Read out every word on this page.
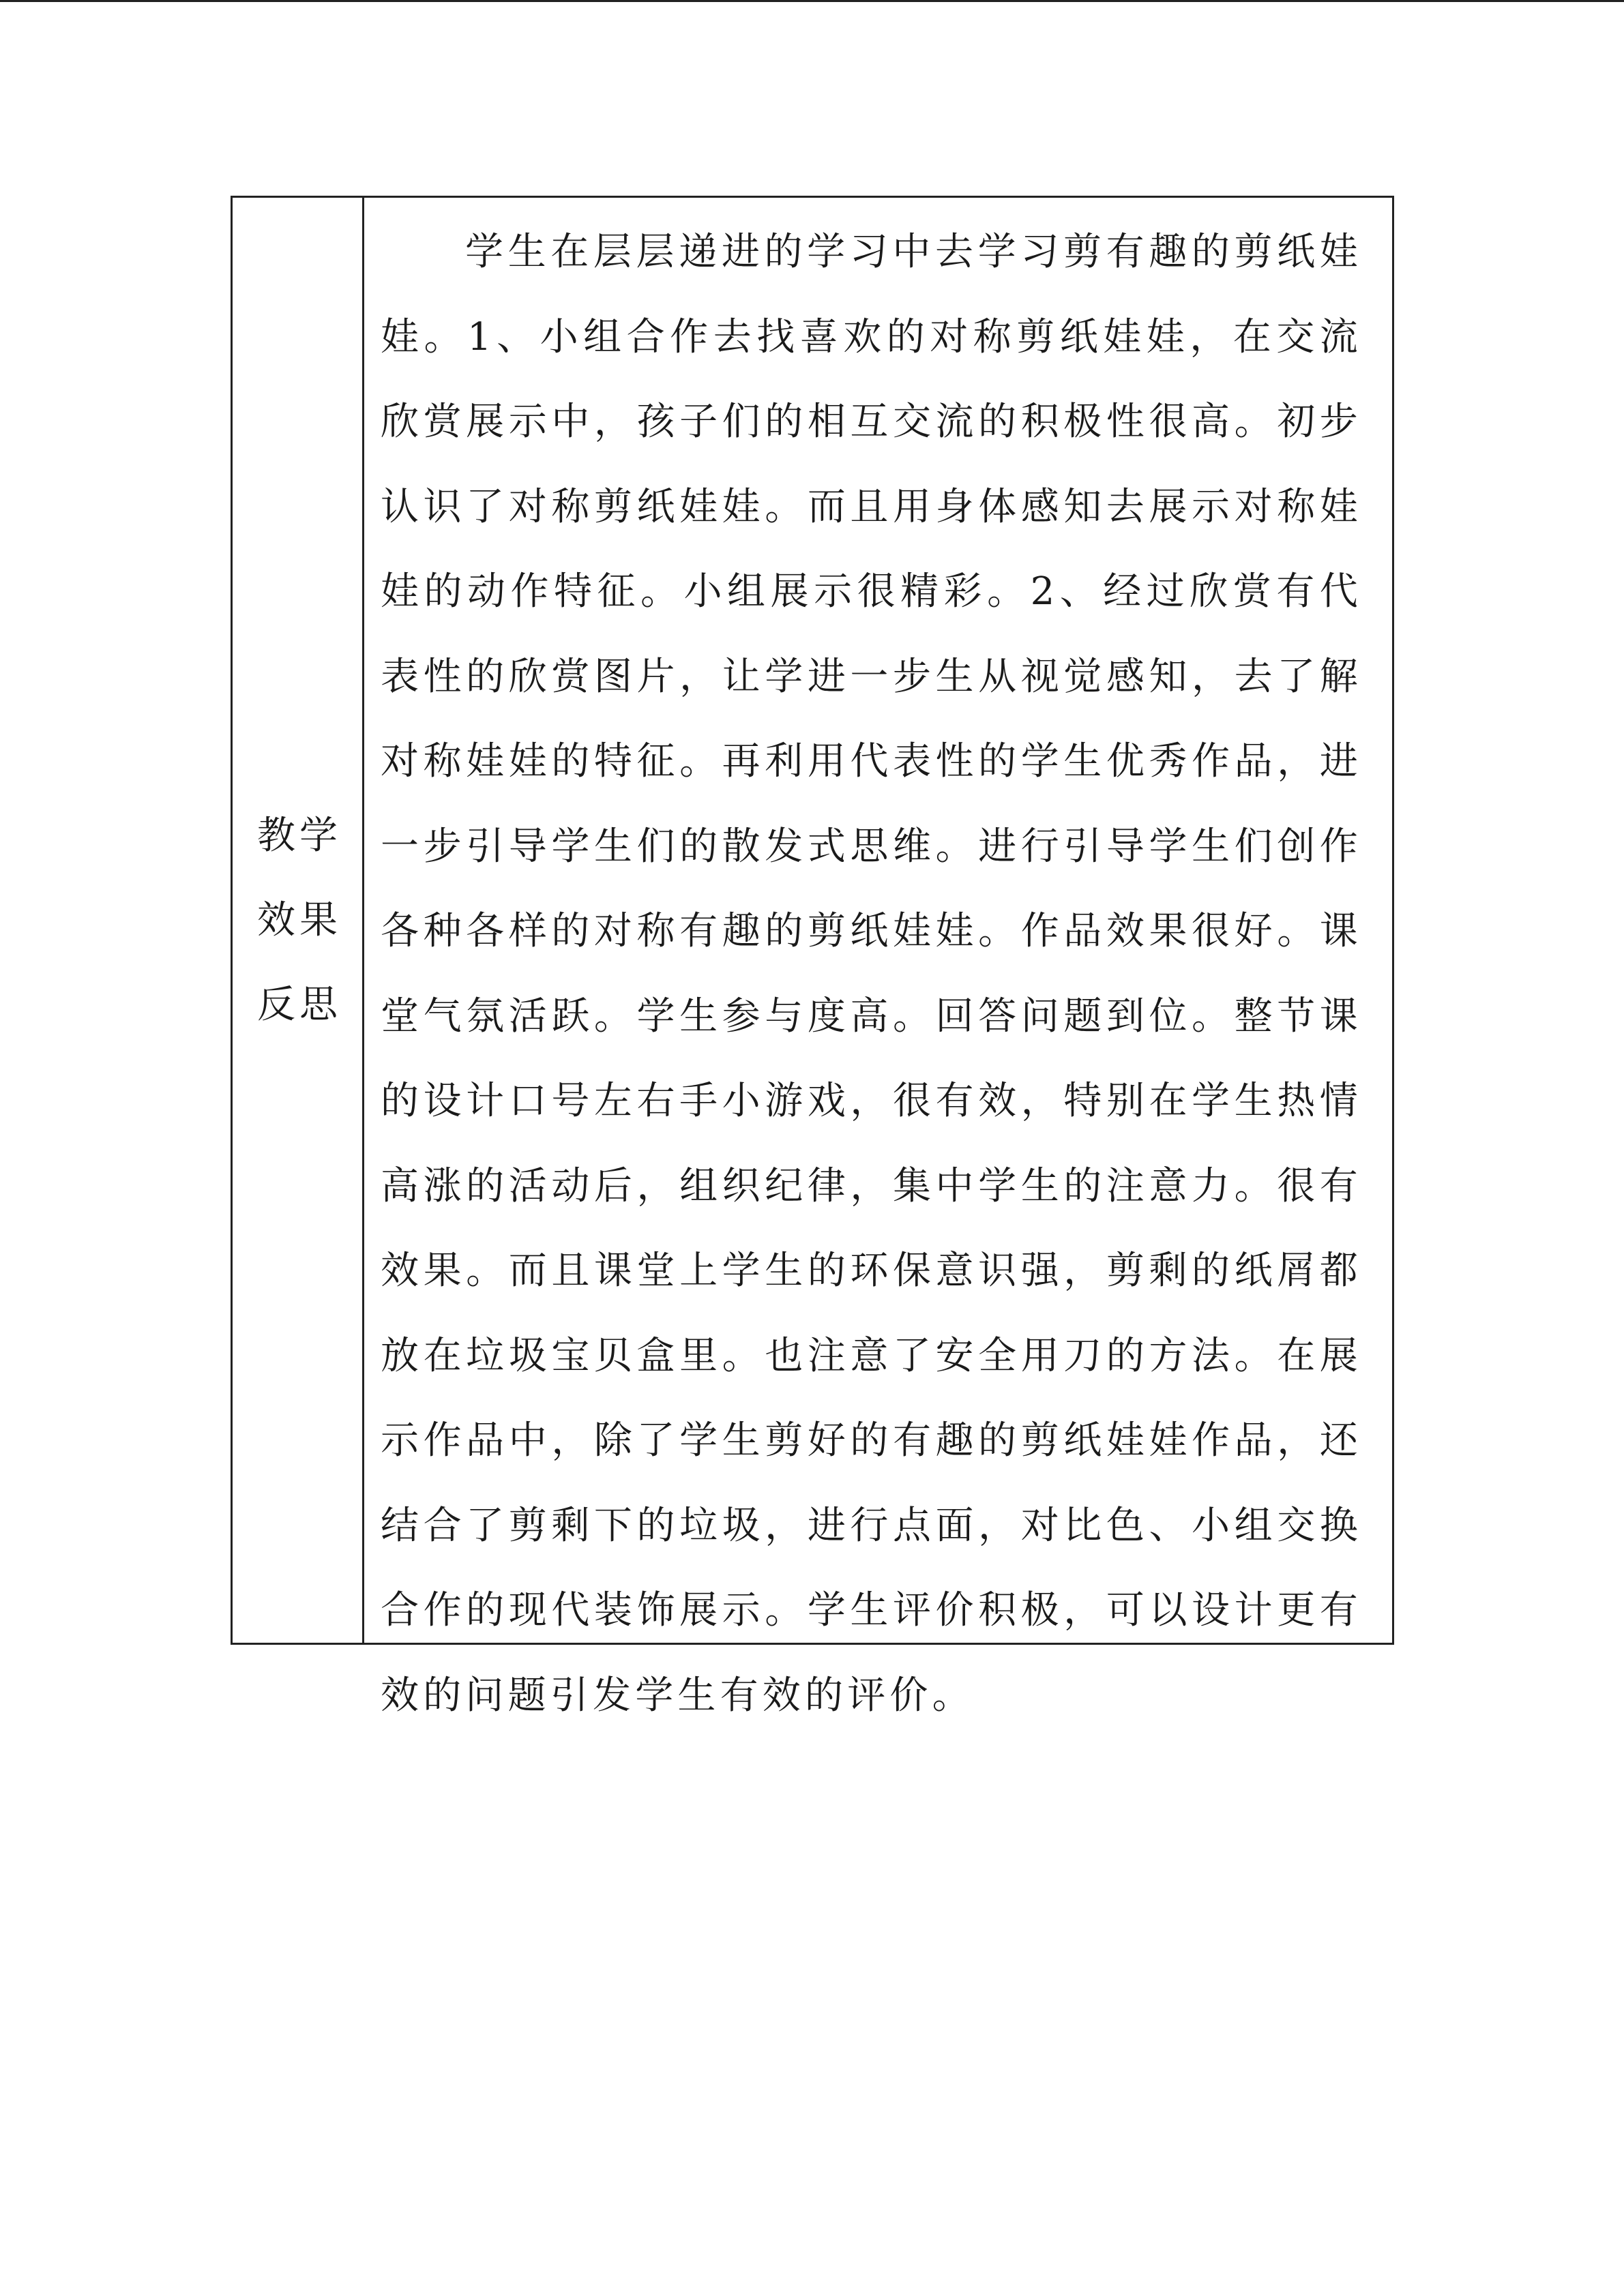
教学效果反思

学生在层层递进的学习中去学习剪有趣的剪纸娃娃。1、小组合作去找喜欢的对称剪纸娃娃，在交流欣赏展示中，孩子们的相互交流的积极性很高。初步认识了对称剪纸娃娃。而且用身体感知去展示对称娃娃的动作特征。小组展示很精彩。2、经过欣赏有代表性的欣赏图片，让学进一步生从视觉感知，去了解对称娃娃的特征。再利用代表性的学生优秀作品，进一步引导学生们的散发式思维。进行引导学生们创作各种各样的对称有趣的剪纸娃娃。作品效果很好。课堂气氛活跃。学生参与度高。回答问题到位。整节课的设计口号左右手小游戏，很有效，特别在学生热情高涨的活动后，组织纪律，集中学生的注意力。很有效果。而且课堂上学生的环保意识强，剪剩的纸屑都放在垃圾宝贝盒里。也注意了安全用刀的方法。在展示作品中，除了学生剪好的有趣的剪纸娃娃作品，还结合了剪剩下的垃圾，进行点面，对比色、小组交换合作的现代装饰展示。学生评价积极，可以设计更有效的问题引发学生有效的评价。
